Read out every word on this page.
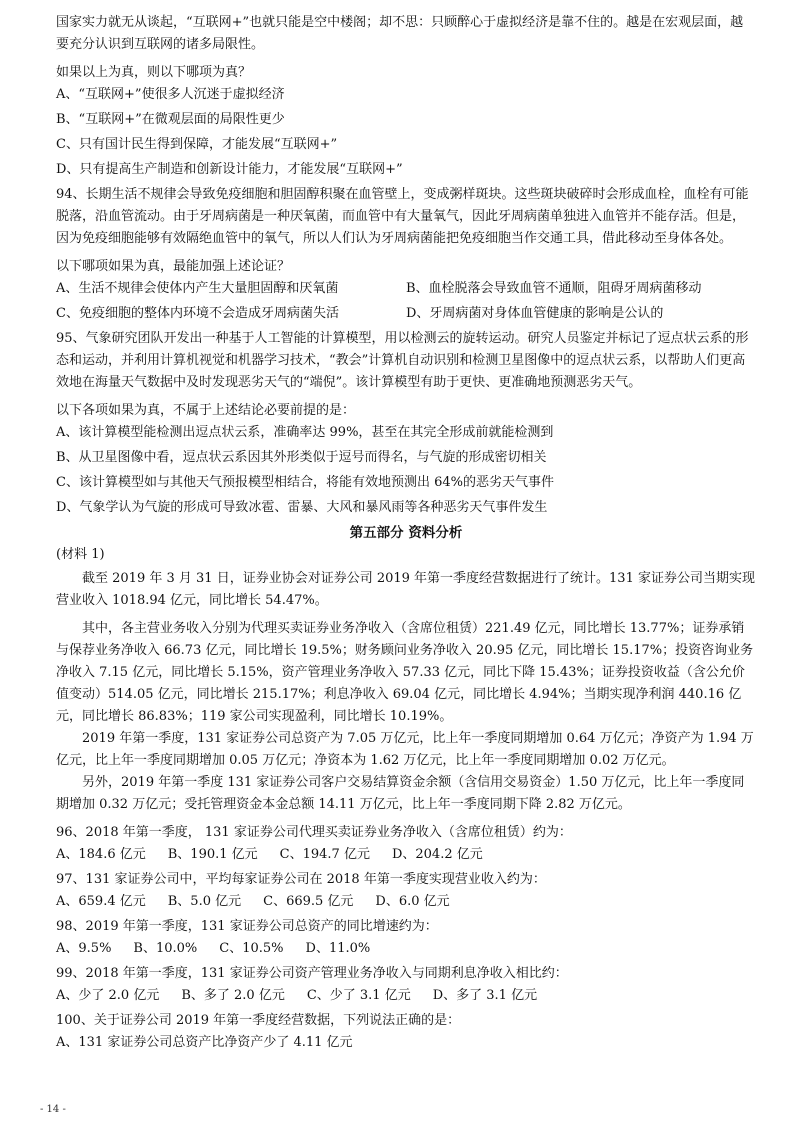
国家实力就无从谈起，“互联网+”也就只能是空中楼阁；却不思：只顾醉心于虚拟经济是靠不住的。越是在宏观层面，越要充分认识到互联网的诸多局限性。

如果以上为真，则以下哪项为真？

A、“互联网+”使很多人沉迷于虚拟经济

B、“互联网+”在微观层面的局限性更少

C、只有国计民生得到保障，才能发展“互联网+”

D、只有提高生产制造和创新设计能力，才能发展“互联网+”

94、长期生活不规律会导致免疫细胞和胆固醇积聚在血管壁上，变成粥样斑块。这些斑块破碎时会形成血栓，血栓有可能脱落，沿血管流动。由于牙周病菌是一种厌氧菌，而血管中有大量氧气，因此牙周病菌单独进入血管并不能存活。但是，因为免疫细胞能够有效隔绝血管中的氧气，所以人们认为牙周病菌能把免疫细胞当作交通工具，借此移动至身体各处。

以下哪项如果为真，最能加强上述论证？

A、生活不规律会使体内产生大量胆固醇和厌氧菌	B、血栓脱落会导致血管不通顺，阻碍牙周病菌移动
C、免疫细胞的整体内环境不会造成牙周病菌失活	D、牙周病菌对身体血管健康的影响是公认的

95、气象研究团队开发出一种基于人工智能的计算模型，用以检测云的旋转运动。研究人员鉴定并标记了逗点状云系的形态和运动，并利用计算机视觉和机器学习技术，“教会”计算机自动识别和检测卫星图像中的逗点状云系，以帮助人们更高效地在海量天气数据中及时发现恶劣天气的“端倪”。该计算模型有助于更快、更准确地预测恶劣天气。

以下各项如果为真，不属于上述结论必要前提的是：

A、该计算模型能检测出逗点状云系，准确率达 99%，甚至在其完全形成前就能检测到

B、从卫星图像中看，逗点状云系因其外形类似于逗号而得名，与气旋的形成密切相关

C、该计算模型如与其他天气预报模型相结合，将能有效地预测出 64%的恶劣天气事件

D、气象学认为气旋的形成可导致冰雹、雷暴、大风和暴风雨等各种恶劣天气事件发生

第五部分 资料分析

(材料 1)

截至 2019 年 3 月 31 日，证券业协会对证券公司 2019 年第一季度经营数据进行了统计。131 家证券公司当期实现营业收入 1018.94 亿元，同比增长 54.47%。

其中，各主营业务收入分别为代理买卖证券业务净收入（含席位租赁）221.49 亿元，同比增长 13.77%；证券承销与保荐业务净收入 66.73 亿元，同比增长 19.5%；财务顾问业务净收入 20.95 亿元，同比增长 15.17%；投资咨询业务净收入 7.15 亿元，同比增长 5.15%，资产管理业务净收入 57.33 亿元，同比下降 15.43%；证券投资收益（含公允价值变动）514.05 亿元，同比增长 215.17%；利息净收入 69.04 亿元，同比增长 4.94%；当期实现净利润 440.16 亿元，同比增长 86.83%；119 家公司实现盈利，同比增长 10.19%。

2019 年第一季度，131 家证券公司总资产为 7.05 万亿元，比上年一季度同期增加 0.64 万亿元；净资产为 1.94 万亿元，比上年一季度同期增加 0.05 万亿元；净资本为 1.62 万亿元，比上年一季度同期增加 0.02 万亿元。

另外，2019 年第一季度 131 家证券公司客户交易结算资金余额（含信用交易资金）1.50 万亿元，比上年一季度同期增加 0.32 万亿元；受托管理资金本金总额 14.11 万亿元，比上年一季度同期下降 2.82 万亿元。

96、2018 年第一季度， 131 家证券公司代理买卖证券业务净收入（含席位租赁）约为：

A、184.6 亿元 B、190.1 亿元 C、194.7 亿元 D、204.2 亿元

97、131 家证券公司中，平均每家证券公司在 2018 年第一季度实现营业收入约为：

A、659.4 亿元 B、5.0 亿元 C、669.5 亿元 D、6.0 亿元

98、2019 年第一季度，131 家证券公司总资产的同比增速约为：

A、9.5% B、10.0% C、10.5% D、11.0%

99、2018 年第一季度，131 家证券公司资产管理业务净收入与同期利息净收入相比约：

A、少了 2.0 亿元 B、多了 2.0 亿元 C、少了 3.1 亿元 D、多了 3.1 亿元

100、关于证券公司 2019 年第一季度经营数据，下列说法正确的是：

A、131 家证券公司总资产比净资产少了 4.11 亿元

- 14 -
